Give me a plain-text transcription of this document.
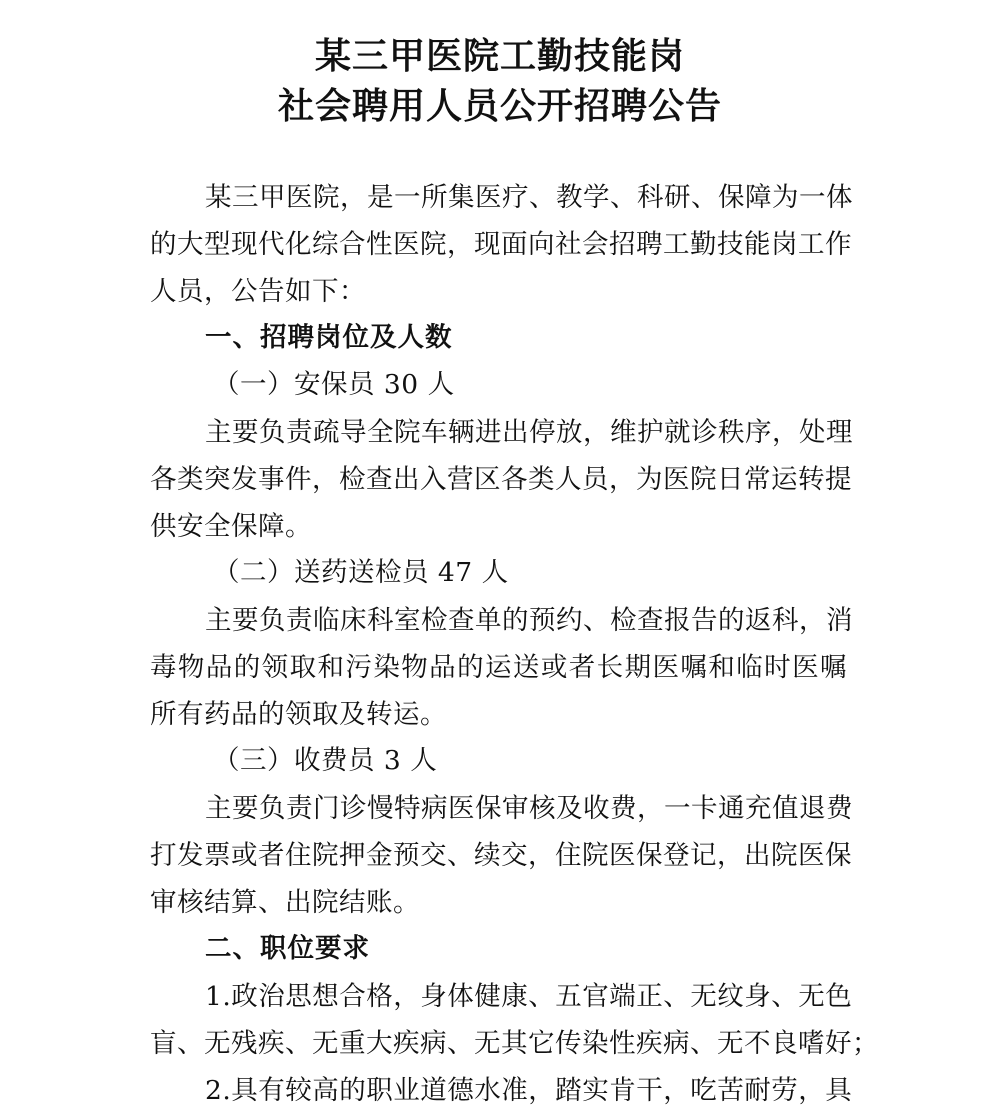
某三甲医院工勤技能岗
社会聘用人员公开招聘公告
某三甲医院，是一所集医疗、教学、科研、保障为一体
的大型现代化综合性医院，现面向社会招聘工勤技能岗工作
人员，公告如下：
一、招聘岗位及人数
（一）安保员 30 人
主要负责疏导全院车辆进出停放，维护就诊秩序，处理
各类突发事件，检查出入营区各类人员，为医院日常运转提
供安全保障。
（二）送药送检员 47 人
主要负责临床科室检查单的预约、检查报告的返科，消
毒物品的领取和污染物品的运送或者长期医嘱和临时医嘱
所有药品的领取及转运。
（三）收费员 3 人
主要负责门诊慢特病医保审核及收费，一卡通充值退费
打发票或者住院押金预交、续交，住院医保登记，出院医保
审核结算、出院结账。
二、职位要求
1.政治思想合格，身体健康、五官端正、无纹身、无色
盲、无残疾、无重大疾病、无其它传染性疾病、无不良嗜好；
2.具有较高的职业道德水准，踏实肯干，吃苦耐劳，具
